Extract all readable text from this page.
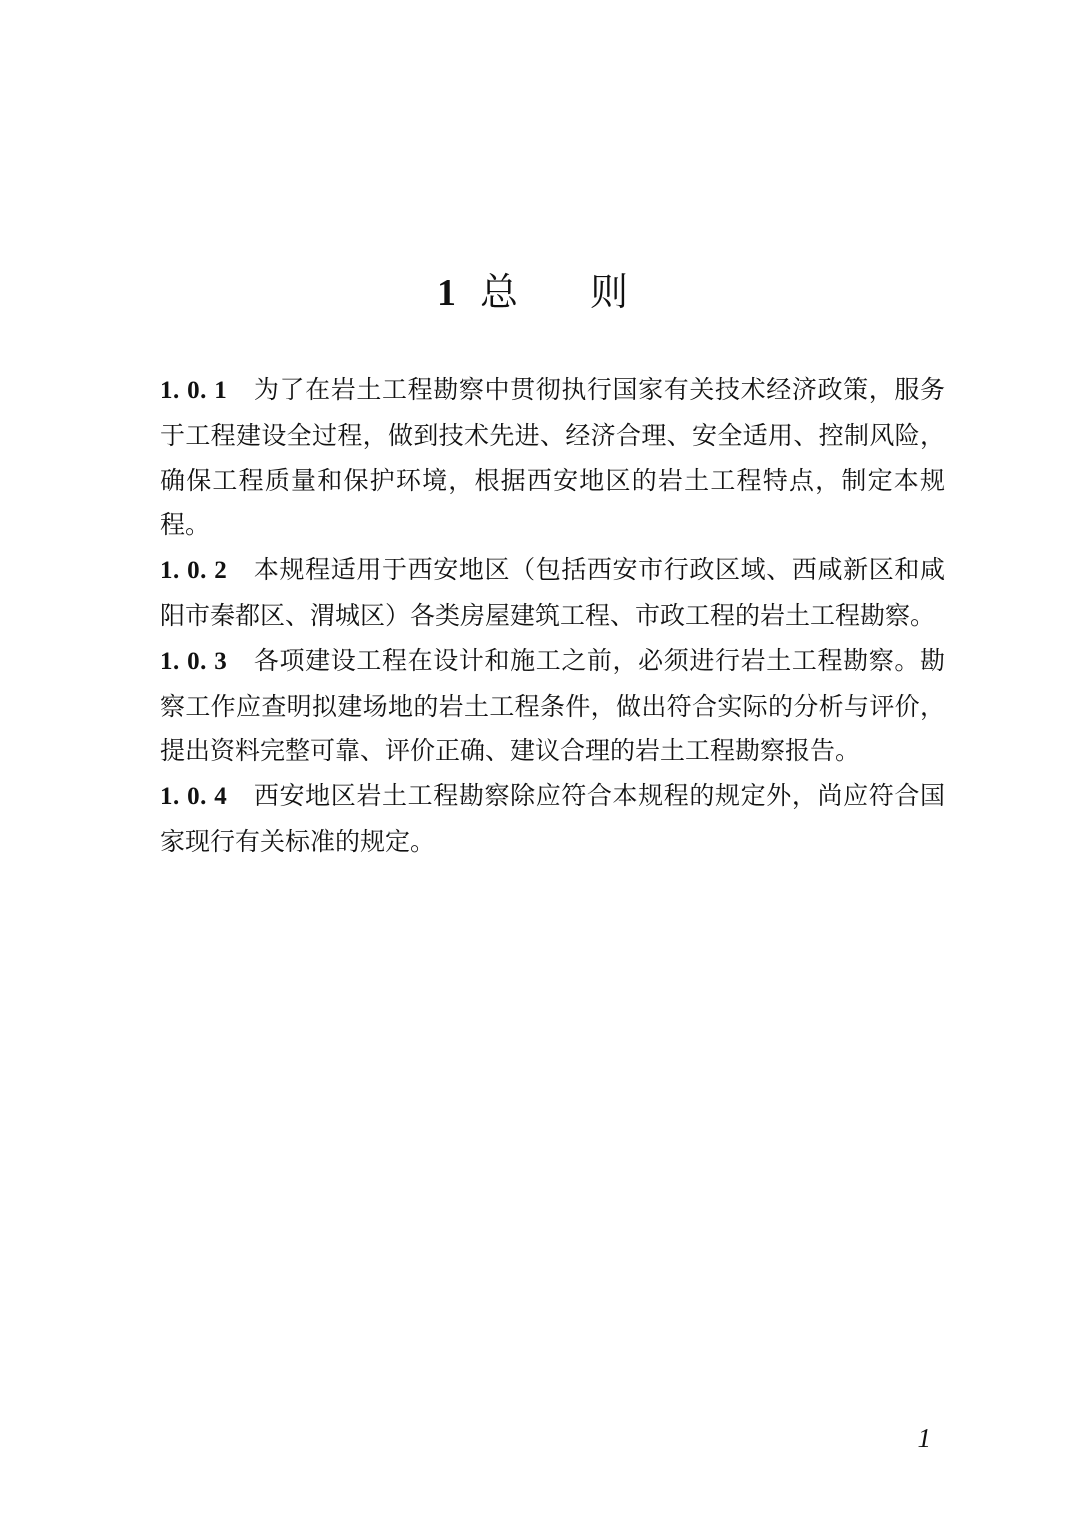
1 总 则

1. 0. 1 为了在岩土工程勘察中贯彻执行国家有关技术经济政策，服务于工程建设全过程，做到技术先进、经济合理、安全适用、控制风险，确保工程质量和保护环境，根据西安地区的岩土工程特点，制定本规程。

1. 0. 2 本规程适用于西安地区（包括西安市行政区域、西咸新区和咸阳市秦都区、渭城区）各类房屋建筑工程、市政工程的岩土工程勘察。

1. 0. 3 各项建设工程在设计和施工之前，必须进行岩土工程勘察。勘察工作应查明拟建场地的岩土工程条件，做出符合实际的分析与评价，提出资料完整可靠、评价正确、建议合理的岩土工程勘察报告。

1. 0. 4 西安地区岩土工程勘察除应符合本规程的规定外，尚应符合国家现行有关标准的规定。

1
